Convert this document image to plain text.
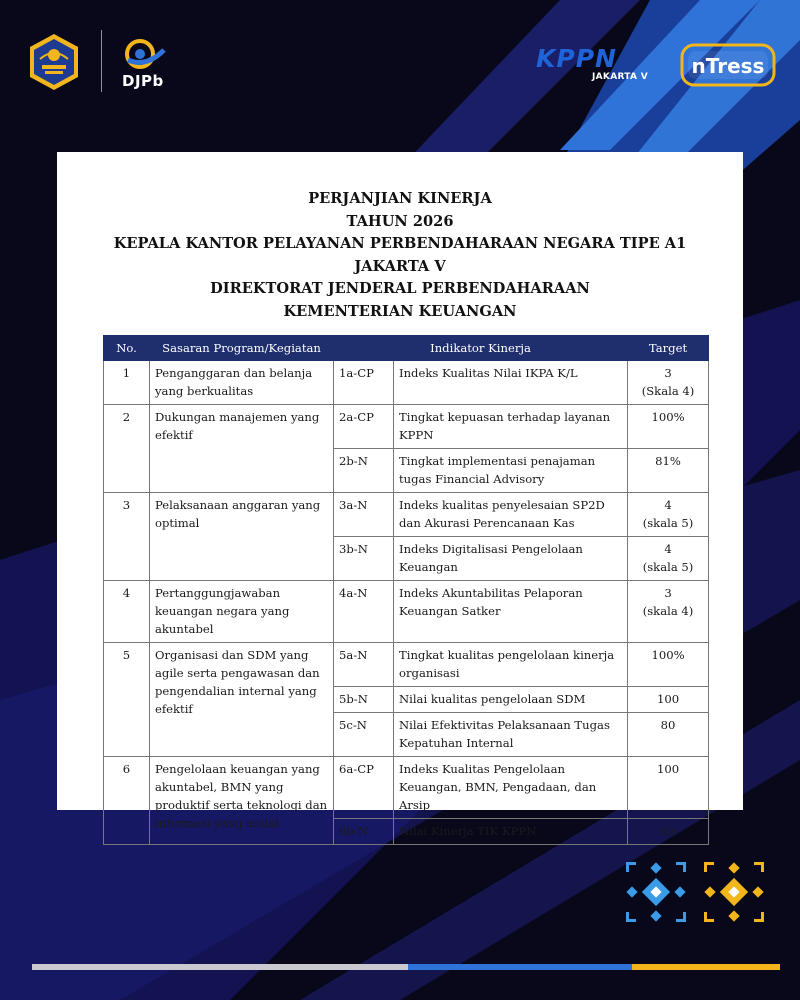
DJPb
KPPN
JAKARTA V nTress
PERJANJIAN KINERJA
TAHUN 2026
KEPALA KANTOR PELAYANAN PERBENDAHARAAN NEGARA TIPE A1
JAKARTA V
DIREKTORAT JENDERAL PERBENDAHARAAN
KEMENTERIAN KEUANGAN
No.	Sasaran Program/Kegiatan	Indikator Kinerja		Target
1	Penganggaran dan belanja yang berkualitas	1a-CP	Indeks Kualitas Nilai IKPA K/L	3
(Skala 4)
2	Dukungan manajemen yang efektif	2a-CP	Tingkat kepuasan terhadap layanan KPPN	100%
		2b-N	Tingkat implementasi penajaman tugas Financial Advisory	81%
3	Pelaksanaan anggaran yang optimal	3a-N	Indeks kualitas penyelesaian SP2D dan Akurasi Perencanaan Kas	4
(skala 5)
		3b-N	Indeks Digitalisasi Pengelolaan Keuangan	4
(skala 5)
4	Pertanggungjawaban keuangan negara yang akuntabel	4a-N	Indeks Akuntabilitas Pelaporan Keuangan Satker	3
(skala 4)
5	Organisasi dan SDM yang agile serta pengawasan dan pengendalian internal yang efektif	5a-N	Tingkat kualitas pengelolaan kinerja organisasi	100%
		5b-N	Nilai kualitas pengelolaan SDM	100
		5c-N	Nilai Efektivitas Pelaksanaan Tugas Kepatuhan Internal	80
6	Pengelolaan keuangan yang akuntabel, BMN yang produktif serta teknologi dan informasi yang andal	6a-CP	Indeks Kualitas Pengelolaan Keuangan, BMN, Pengadaan, dan Arsip	100
		6b-N	Nilai Kinerja TIK KPPN	83
